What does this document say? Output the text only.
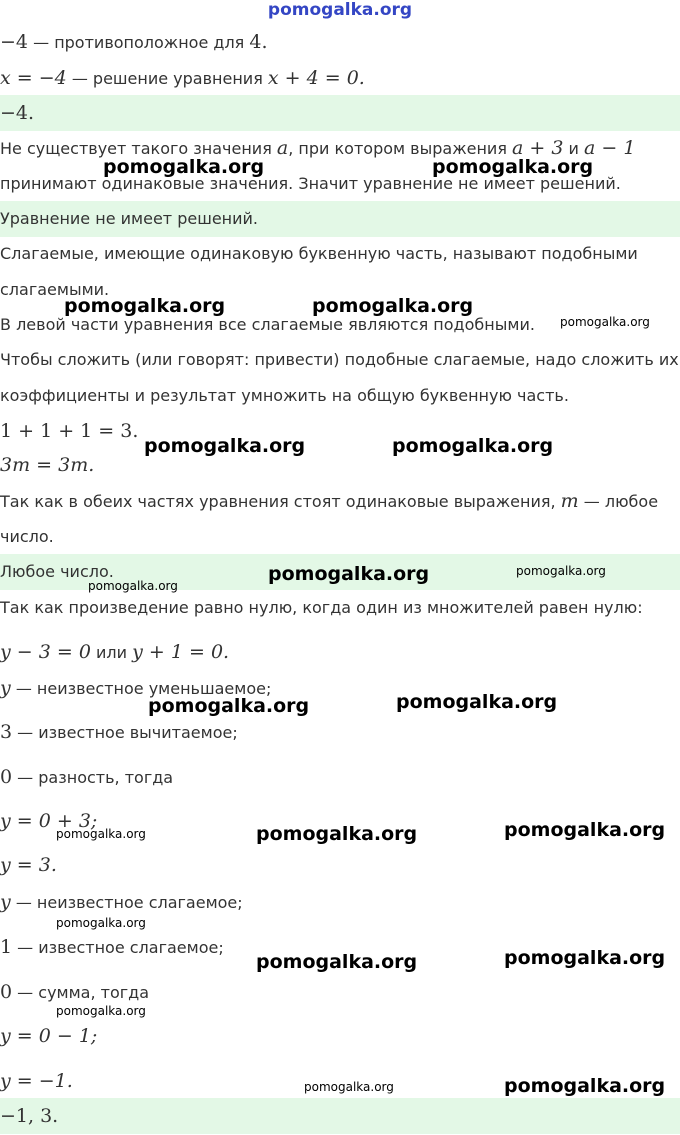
pomogalka.org
−4 — противоположное для 4.
x = −4 — решение уравнения x + 4 = 0.
−4.
Не существует такого значения a, при котором выражения a + 3 и a − 1
принимают одинаковые значения. Значит уравнение не имеет решений.
Уравнение не имеет решений.
Слагаемые, имеющие одинаковую буквенную часть, называют подобными
слагаемыми.
В левой части уравнения все слагаемые являются подобными.
Чтобы сложить (или говорят: привести) подобные слагаемые, надо сложить их
коэффициенты и результат умножить на общую буквенную часть.
1 + 1 + 1 = 3.
3m = 3m.
Так как в обеих частях уравнения стоят одинаковые выражения, m — любое
число.
Любое число.
Так как произведение равно нулю, когда один из множителей равен нулю:
y − 3 = 0 или y + 1 = 0.
y — неизвестное уменьшаемое;
3 — известное вычитаемое;
0 — разность, тогда
y = 0 + 3;
y = 3.
y — неизвестное слагаемое;
1 — известное слагаемое;
0 — сумма, тогда
y = 0 − 1;
y = −1.
−1, 3.
pomogalka.org	pomogalka.org
pomogalka.org	pomogalka.org
pomogalka.org
pomogalka.org	pomogalka.org
pomogalka.org
pomogalka.org
pomogalka.org
pomogalka.org	pomogalka.org
pomogalka.org	pomogalka.org	pomogalka.org
pomogalka.org
pomogalka.org	pomogalka.org
pomogalka.org
pomogalka.org	pomogalka.org
